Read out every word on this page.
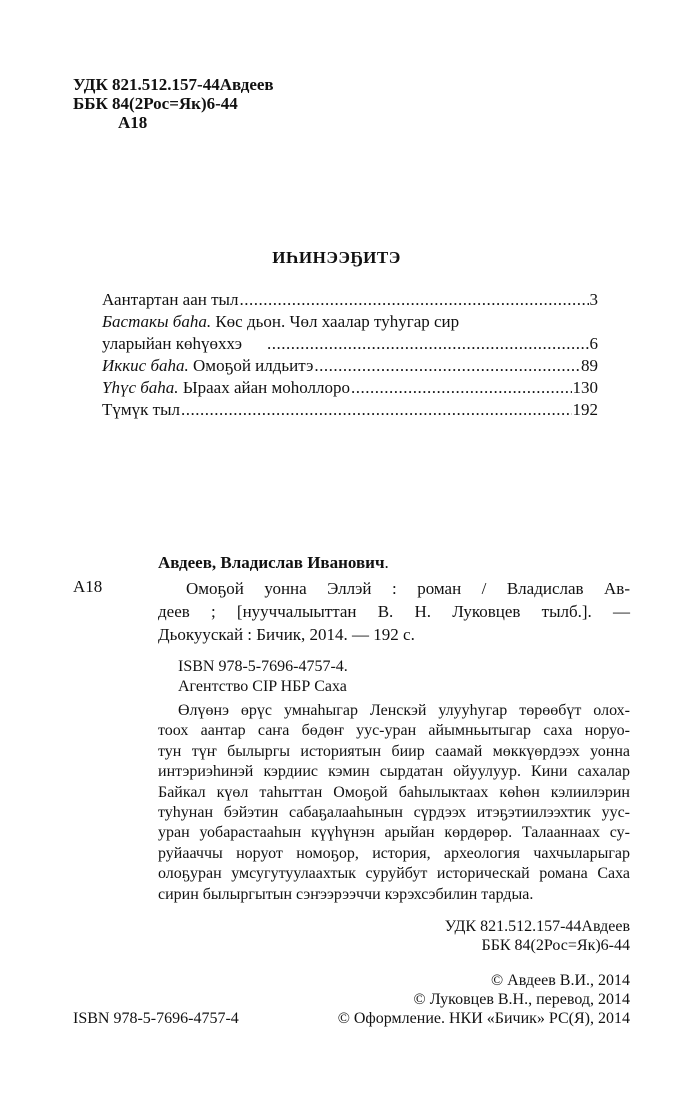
УДК 821.512.157-44Авдеев
ББК 84(2Рос=Як)6-44
А18
ИҺИНЭЭҔИТЭ
Аантартан аан тыл .....	3
Бастакы баһа. Көс дьон. Чөл хаалар туһугар сир
уларыйан көһүөххэ .....	6
Иккис баһа. Омоҕой илдьитэ .....	89
Үһүс баһа. Ыраах айан моһоллоро .....	130
Түмүк тыл .....	192
Авдеев, Владислав Иванович.
А18	Омоҕой уонна Эллэй : роман / Владислав Ав-
деев ; [нууччалыыттан В. Н. Луковцев тылб.]. —
Дьокуускай : Бичик, 2014. — 192 с.
ISBN 978-5-7696-4757-4.
Агентство CIP НБР Саха
Өлүөнэ өрүс умнаһыгар Ленскэй улууһугар төрөөбүт олох-
тоох аантар саҥа бөдөҥ уус-уран айымньытыгар саха норуо-
тун түҥ былыргы историятын биир саамай мөккүөрдээх уонна
интэриэһинэй кэрдиис кэмин сырдатан ойуулуур. Кини сахалар
Байкал күөл таһыттан Омоҕой баһылыктаах көһөн кэлиилэрин
туһунан бэйэтин сабаҕалааһынын сүрдээх итэҕэтиилээхтик уус-
уран уобарастааһын күүһүнэн арыйан көрдөрөр. Талааннаах су-
руйааччы норуот номоҕор, история, археология чахчыларыгар
олоҕуран умсугутуулаахтык суруйбут историческай романа Саха
сирин былыргытын сэҥээрээччи кэрэхсэбилин тардыа.
УДК 821.512.157-44Авдеев
ББК 84(2Рос=Як)6-44
© Авдеев В.И., 2014
© Луковцев В.Н., перевод, 2014
© Оформление. НКИ «Бичик» РС(Я), 2014
ISBN 978-5-7696-4757-4
